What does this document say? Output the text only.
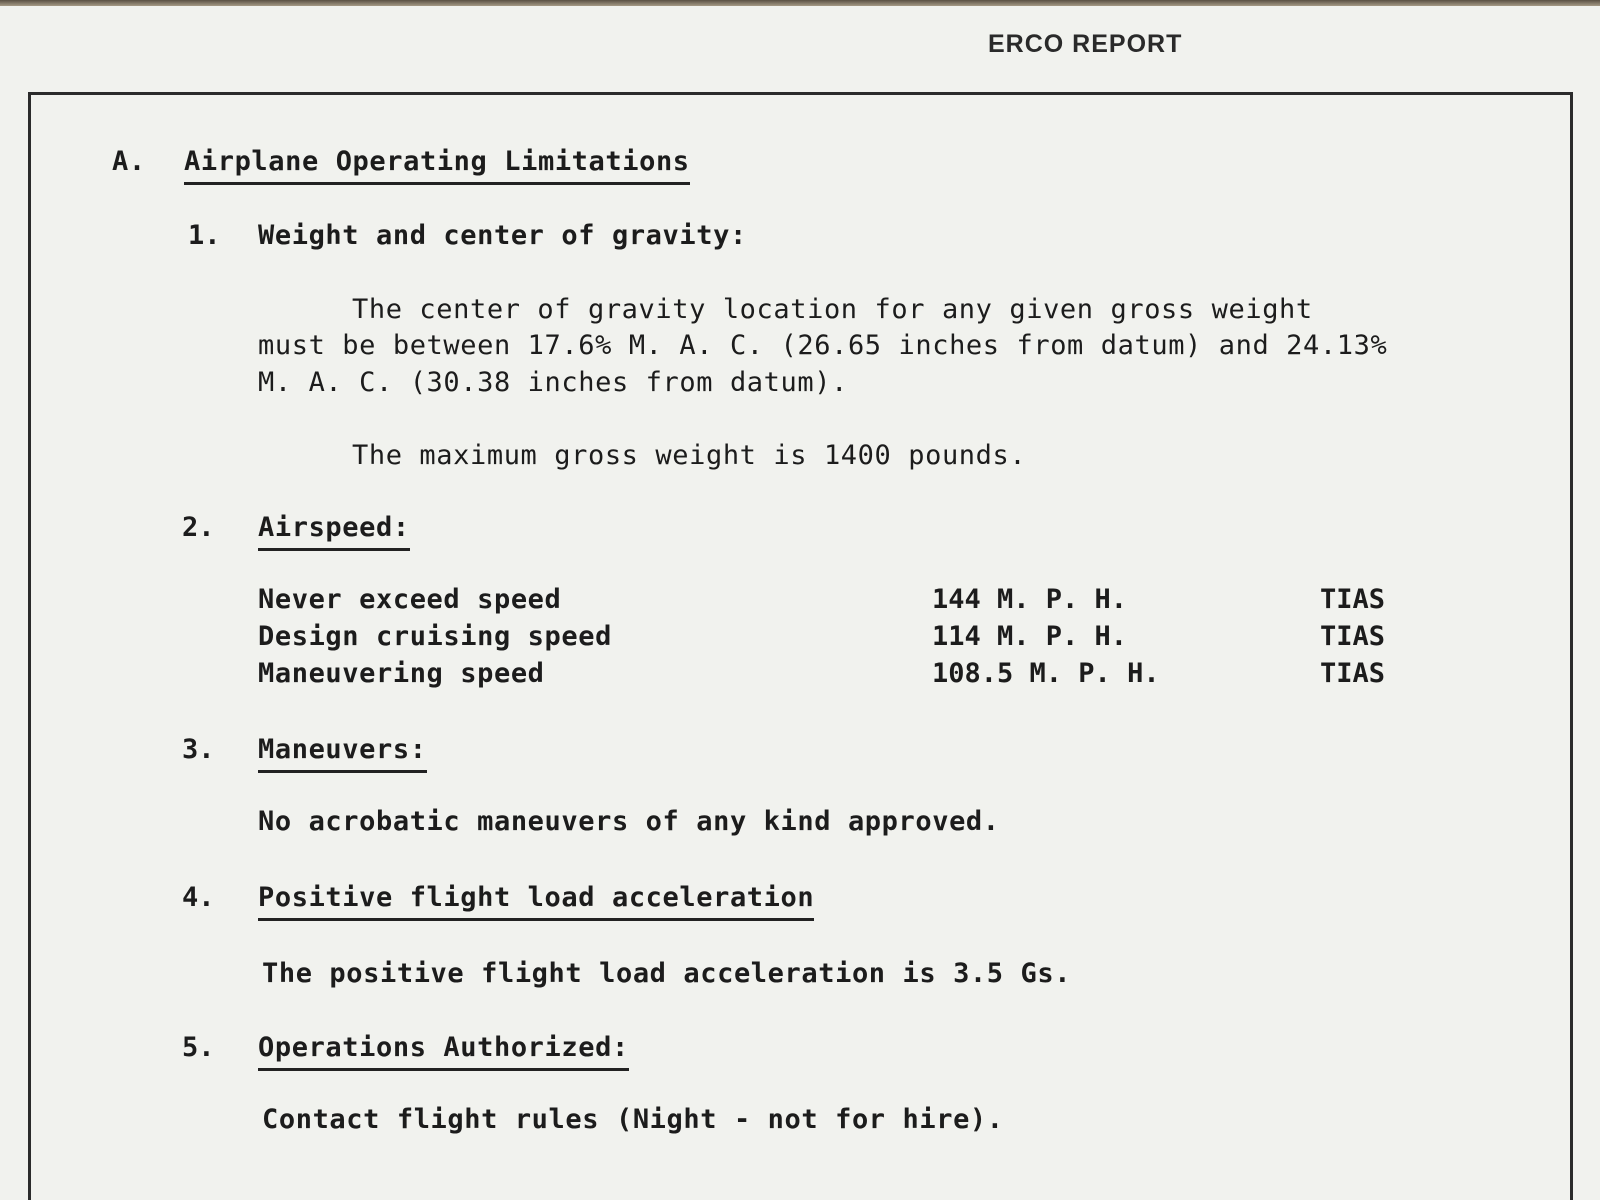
ERCO REPORT
A. Airplane Operating Limitations
1. Weight and center of gravity:
The center of gravity location for any given gross weight
must be between 17.6% M. A. C. (26.65 inches from datum) and 24.13%
M. A. C. (30.38 inches from datum).
The maximum gross weight is 1400 pounds.
2. Airspeed:
Never exceed speed	144 M. P. H.	TIAS
Design cruising speed	114 M. P. H.	TIAS
Maneuvering speed	108.5 M. P. H.	TIAS
3. Maneuvers:
No acrobatic maneuvers of any kind approved.
4. Positive flight load acceleration
The positive flight load acceleration is 3.5 Gs.
5. Operations Authorized:
Contact flight rules (Night - not for hire).
